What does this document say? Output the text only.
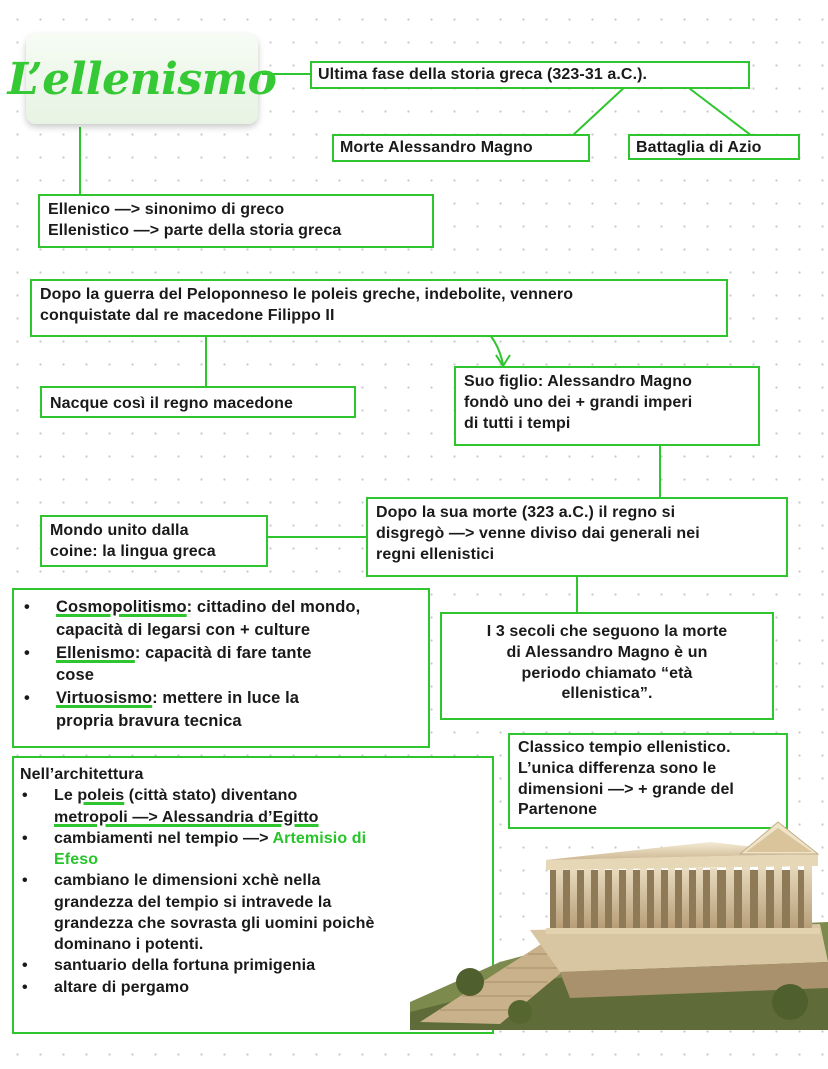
L’ellenismo	Ultima fase della storia greca (323-31 a.C.).
Morte Alessandro Magno	Battaglia di Azio
Ellenico —> sinonimo di greco
Ellenistico —> parte della storia greca
Dopo la guerra del Peloponneso le poleis greche, indebolite, vennero
conquistate dal re macedone Filippo II
Nacque così il regno macedone
Suo figlio: Alessandro Magno
fondò uno dei + grandi imperi
di tutti i tempi
Dopo la sua morte (323 a.C.) il regno si
disgregò —> venne diviso dai generali nei
regni ellenistici
Mondo unito dalla
coine: la lingua greca
• Cosmopolitismo: cittadino del mondo,
capacità di legarsi con + culture
• Ellenismo: capacità di fare tante
cose
• Virtuosismo: mettere in luce la
propria bravura tecnica
I 3 secoli che seguono la morte
di Alessandro Magno è un
periodo chiamato “età
ellenistica”.
Nell’architettura
• Le poleis (città stato) diventano
metropoli —> Alessandria d’Egitto
• cambiamenti nel tempio —> Artemisio di
Efeso
• cambiano le dimensioni xchè nella
grandezza del tempio si intravede la
grandezza che sovrasta gli uomini poichè
dominano i potenti.
• santuario della fortuna primigenia
• altare di pergamo
Classico tempio ellenistico.
L’unica differenza sono le
dimensioni —> + grande del
Partenone
